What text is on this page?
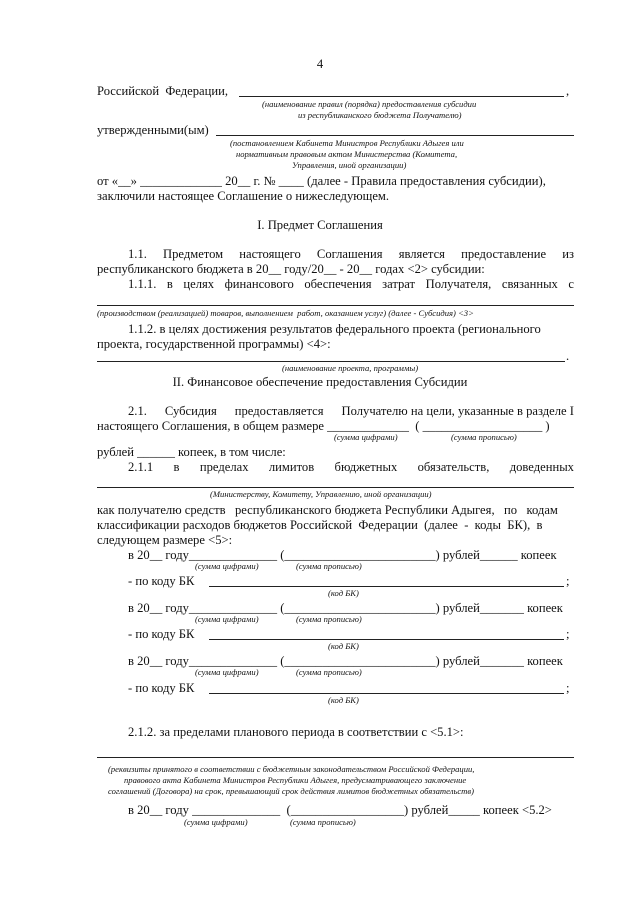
4
Российской  Федерации,	,
(наименование правил (порядка) предоставления субсидии
из республиканского бюджета Получателю)
утвержденными(ым)
(постановлением Кабинета Министров Республики Адыгея или
нормативным правовым актом Министерства (Комитета,
Управления, иной организации)
от «__» _____________ 20__ г. № ____ (далее - Правила предоставления субсидии),
заключили настоящее Соглашение о нижеследующем.
I. Предмет Соглашения
1.1. Предметом настоящего Соглашения является предоставление из
республиканского бюджета в 20__ году/20__ - 20__ годах <2> субсидии:
1.1.1. в целях финансового обеспечения затрат Получателя, связанных с
(производством (реализацией) товаров, выполнением  работ, оказанием услуг) (далее - Субсидия) <3>
1.1.2. в целях достижения результатов федерального проекта (регионального
проекта, государственной программы) <4>:
.
(наименование проекта, программы)
II. Финансовое обеспечение предоставления Субсидии
2.1. Субсидия предоставляется Получателю на цели, указанные в разделе I
настоящего Соглашения, в общем размере _____________  ( ___________________ )
(сумма цифрами)	(сумма прописью)
рублей ______ копеек, в том числе:
2.1.1 в пределах лимитов бюджетных обязательств, доведенных
(Министерству, Комитету, Управлению, иной организации)
как получателю средств   республиканского бюджета Республики Адыгея,   по   кодам
классификации расходов бюджетов Российской  Федерации  (далее  -  коды  БК),  в
следующем размере <5>:
в 20__ году______________ (________________________) рублей______ копеек
(сумма цифрами)	(сумма прописью)
- по коду БК	;
(код БК)
в 20__ году______________ (________________________) рублей_______ копеек
(сумма цифрами)	(сумма прописью)
- по коду БК	;
(код БК)
в 20__ году______________ (________________________) рублей_______ копеек
(сумма цифрами)	(сумма прописью)
- по коду БК	;
(код БК)
2.1.2. за пределами планового периода в соответствии с <5.1>:
(реквизиты принятого в соответствии с бюджетным законодательством Российской Федерации,
правового акта Кабинета Министров Республики Адыгея, предусматривающего заключение
соглашений (Договора) на срок, превышающий срок действия лимитов бюджетных обязательств)
в 20__ году ______________  (__________________) рублей_____ копеек <5.2>
(сумма цифрами)	(сумма прописью)
